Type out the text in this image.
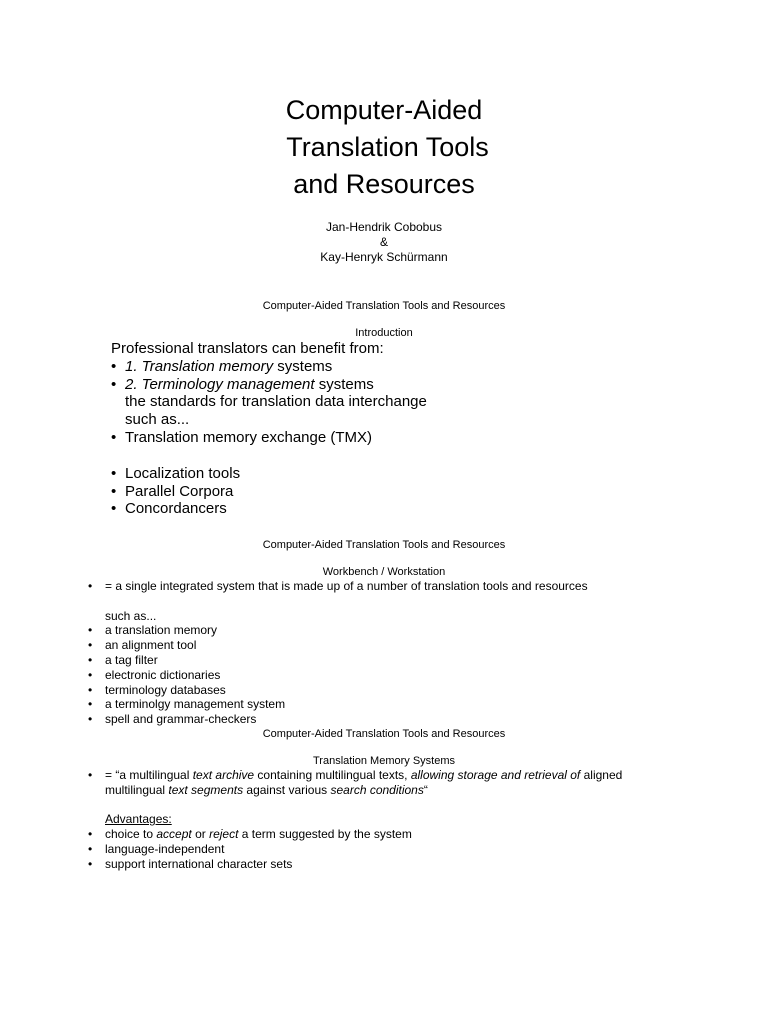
Computer-Aided
Translation Tools
and Resources
Jan-Hendrik Cobobus
&
Kay-Henryk Schürmann
Computer-Aided Translation Tools and Resources
Introduction
Professional translators can benefit from:
• 1. Translation memory systems
• 2. Terminology management systems
the standards for translation data interchange
such as...
• Translation memory exchange (TMX)
• Localization tools
• Parallel Corpora
• Concordancers
Computer-Aided Translation Tools and Resources
Workbench / Workstation
• = a single integrated system that is made up of a number of translation tools and resources
such as...
• a translation memory
• an alignment tool
• a tag filter
• electronic dictionaries
• terminology databases
• a terminolgy management system
• spell and grammar-checkers
Computer-Aided Translation Tools and Resources
Translation Memory Systems
• = “a multilingual text archive containing multilingual texts, allowing storage and retrieval of aligned multilingual text segments against various search conditions“
Advantages:
• choice to accept or reject a term suggested by the system
• language-independent
• support international character sets
